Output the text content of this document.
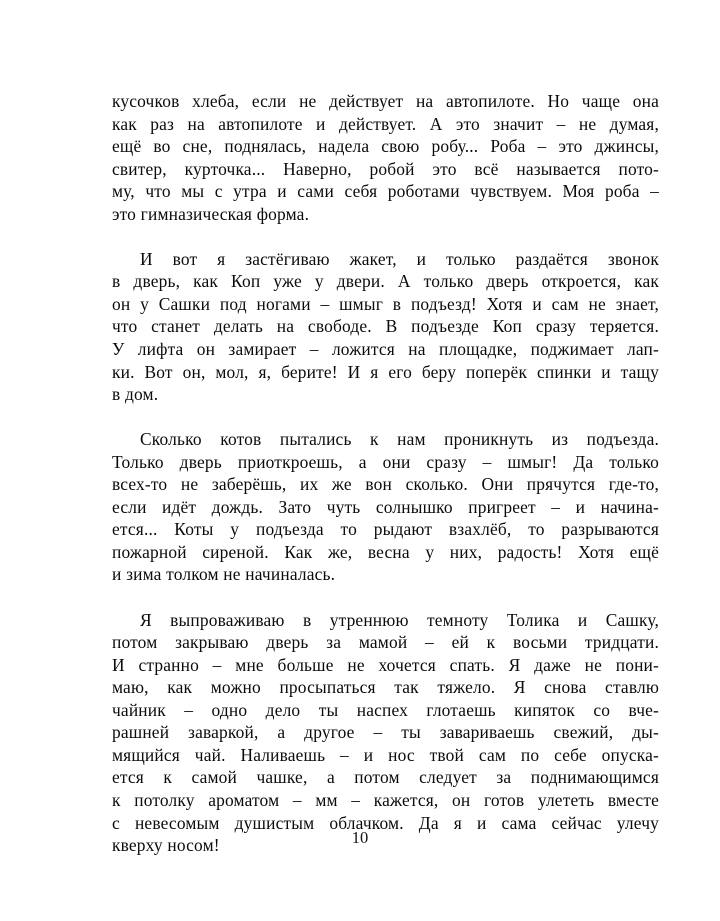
кусочков хлеба, если не действует на автопилоте. Но чаще она
как раз на автопилоте и действует. А это значит – не думая,
ещё во сне, поднялась, надела свою робу... Роба – это джинсы,
свитер, курточка... Наверно, робой это всё называется пото-
му, что мы с утра и сами себя роботами чувствуем. Моя роба –
это гимназическая форма.

И вот я застёгиваю жакет, и только раздаётся звонок
в дверь, как Коп уже у двери. А только дверь откроется, как
он у Сашки под ногами – шмыг в подъезд! Хотя и сам не знает,
что станет делать на свободе. В подъезде Коп сразу теряется.
У лифта он замирает – ложится на площадке, поджимает лап-
ки. Вот он, мол, я, берите! И я его беру поперёк спинки и тащу
в дом.

Сколько котов пытались к нам проникнуть из подъезда.
Только дверь приоткроешь, а они сразу – шмыг! Да только
всех-то не заберёшь, их же вон сколько. Они прячутся где-то,
если идёт дождь. Зато чуть солнышко пригреет – и начина-
ется... Коты у подъезда то рыдают взахлёб, то разрываются
пожарной сиреной. Как же, весна у них, радость! Хотя ещё
и зима толком не начиналась.

Я выпроваживаю в утреннюю темноту Толика и Сашку,
потом закрываю дверь за мамой – ей к восьми тридцати.
И странно – мне больше не хочется спать. Я даже не пони-
маю, как можно просыпаться так тяжело. Я снова ставлю
чайник – одно дело ты наспех глотаешь кипяток со вче-
рашней заваркой, а другое – ты завариваешь свежий, ды-
мящийся чай. Наливаешь – и нос твой сам по себе опуска-
ется к самой чашке, а потом следует за поднимающимся
к потолку ароматом – мм – кажется, он готов улететь вместе
с невесомым душистым облачком. Да я и сама сейчас улечу
кверху носом!	10
